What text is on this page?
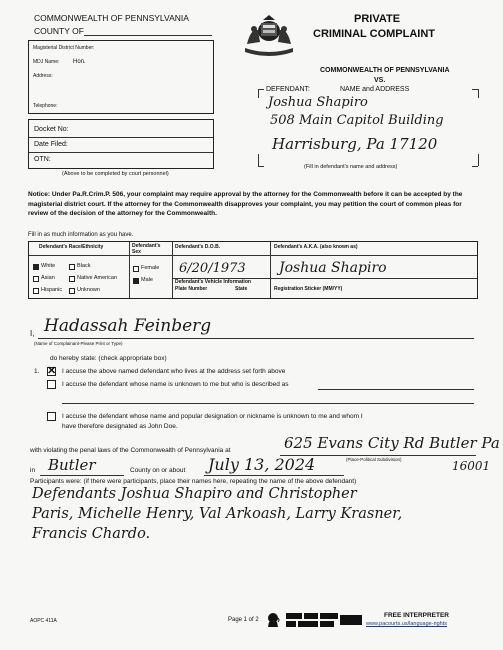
COMMONWEALTH OF PENNSYLVANIA
COUNTY OF
Magisterial District Number:
MDJ Name: Hon.
Address:
Telephone:
Docket No:
Date Filed:
OTN:
(Above to be completed by court personnel)
PRIVATE
CRIMINAL COMPLAINT
COMMONWEALTH OF PENNSYLVANIA
VS.
DEFENDANT:	NAME and ADDRESS
Joshua Shapiro
508 Main Capitol Building
Harrisburg, Pa 17120
(Fill in defendant's name and address)
Notice: Under Pa.R.Crim.P. 506, your complaint may require approval by the attorney for the Commonwealth before it can be accepted by the magisterial district court. If the attorney for the Commonwealth disapproves your complaint, you may petition the court of common pleas for review of the decision of the attorney for the Commonwealth.
Fill in as much information as you have.
Defendant's Race/Ethnicity	Defendant's Sex
Defendant's D.O.B.	Defendant's A.K.A. (also known as)
White	Black
Asian	Native American
Hispanic	Unknown
Female
Male
6/20/1973 Joshua Shapiro
Defendant's Vehicle Information
Plate Number	State	Registration Sticker (MM/YY)
I, Hadassah Feinberg
(Name of Complainant-Please Print or Type)
do hereby state: (check appropriate box)
1.
✕	I accuse the above named defendant who lives at the address set forth above
I accuse the defendant whose name is unknown to me but who is described as
I accuse the defendant whose name and popular designation or nickname is unknown to me and whom I
have therefore designated as John Doe.
with violating the penal laws of the Commonwealth of Pennsylvania at	625 Evans City Rd Butler Pa
(Place-Political Subdivision)	16001
in Butler	County on or about July 13, 2024
Participants were: (if there were participants, place their names here, repeating the name of the above defendant)
Defendants Joshua Shapiro and Christopher
Paris, Michelle Henry, Val Arkoash, Larry Krasner,
Francis Chardo.
AOPC 411A	Page 1 of 2
FREE INTERPRETER
www.pacourts.us/language-rights
